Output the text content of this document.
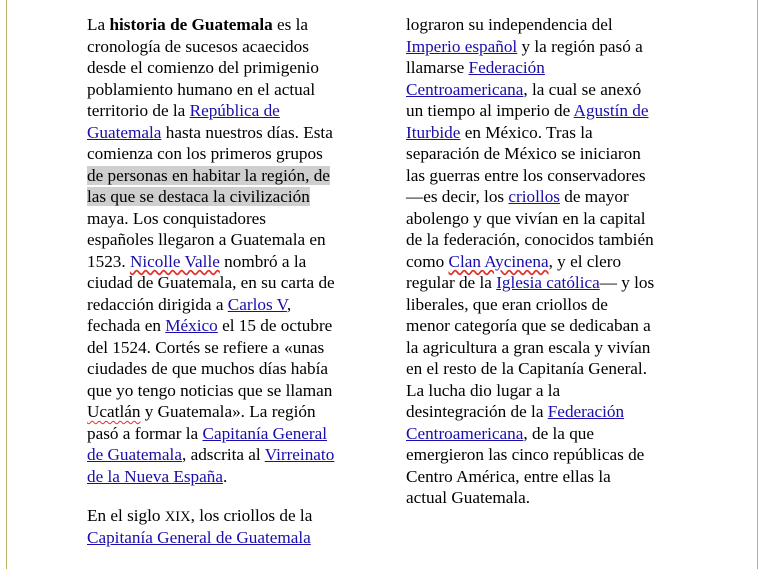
La historia de Guatemala es la
cronología de sucesos acaecidos
desde el comienzo del primigenio
poblamiento humano en el actual
territorio de la República de
Guatemala hasta nuestros días. Esta
comienza con los primeros grupos
de personas en habitar la región, de
las que se destaca la civilización
maya. Los conquistadores
españoles llegaron a Guatemala en
1523. Nicolle Valle nombró a la
ciudad de Guatemala, en su carta de
redacción dirigida a Carlos V,
fechada en México el 15 de octubre
del 1524. Cortés se refiere a «unas
ciudades de que muchos días había
que yo tengo noticias que se llaman
Ucatlán y Guatemala». La región
pasó a formar la Capitanía General
de Guatemala, adscrita al Virreinato
de la Nueva España.
En el siglo XIX, los criollos de la
Capitanía General de Guatemala
lograron su independencia del
Imperio español y la región pasó a
llamarse Federación
Centroamericana, la cual se anexó
un tiempo al imperio de Agustín de
Iturbide en México. Tras la
separación de México se iniciaron
las guerras entre los conservadores
—es decir, los criollos de mayor
abolengo y que vivían en la capital
de la federación, conocidos también
como Clan Aycinena, y el clero
regular de la Iglesia católica— y los
liberales, que eran criollos de
menor categoría que se dedicaban a
la agricultura a gran escala y vivían
en el resto de la Capitanía General.
La lucha dio lugar a la
desintegración de la Federación
Centroamericana, de la que
emergieron las cinco repúblicas de
Centro América, entre ellas la
actual Guatemala.
